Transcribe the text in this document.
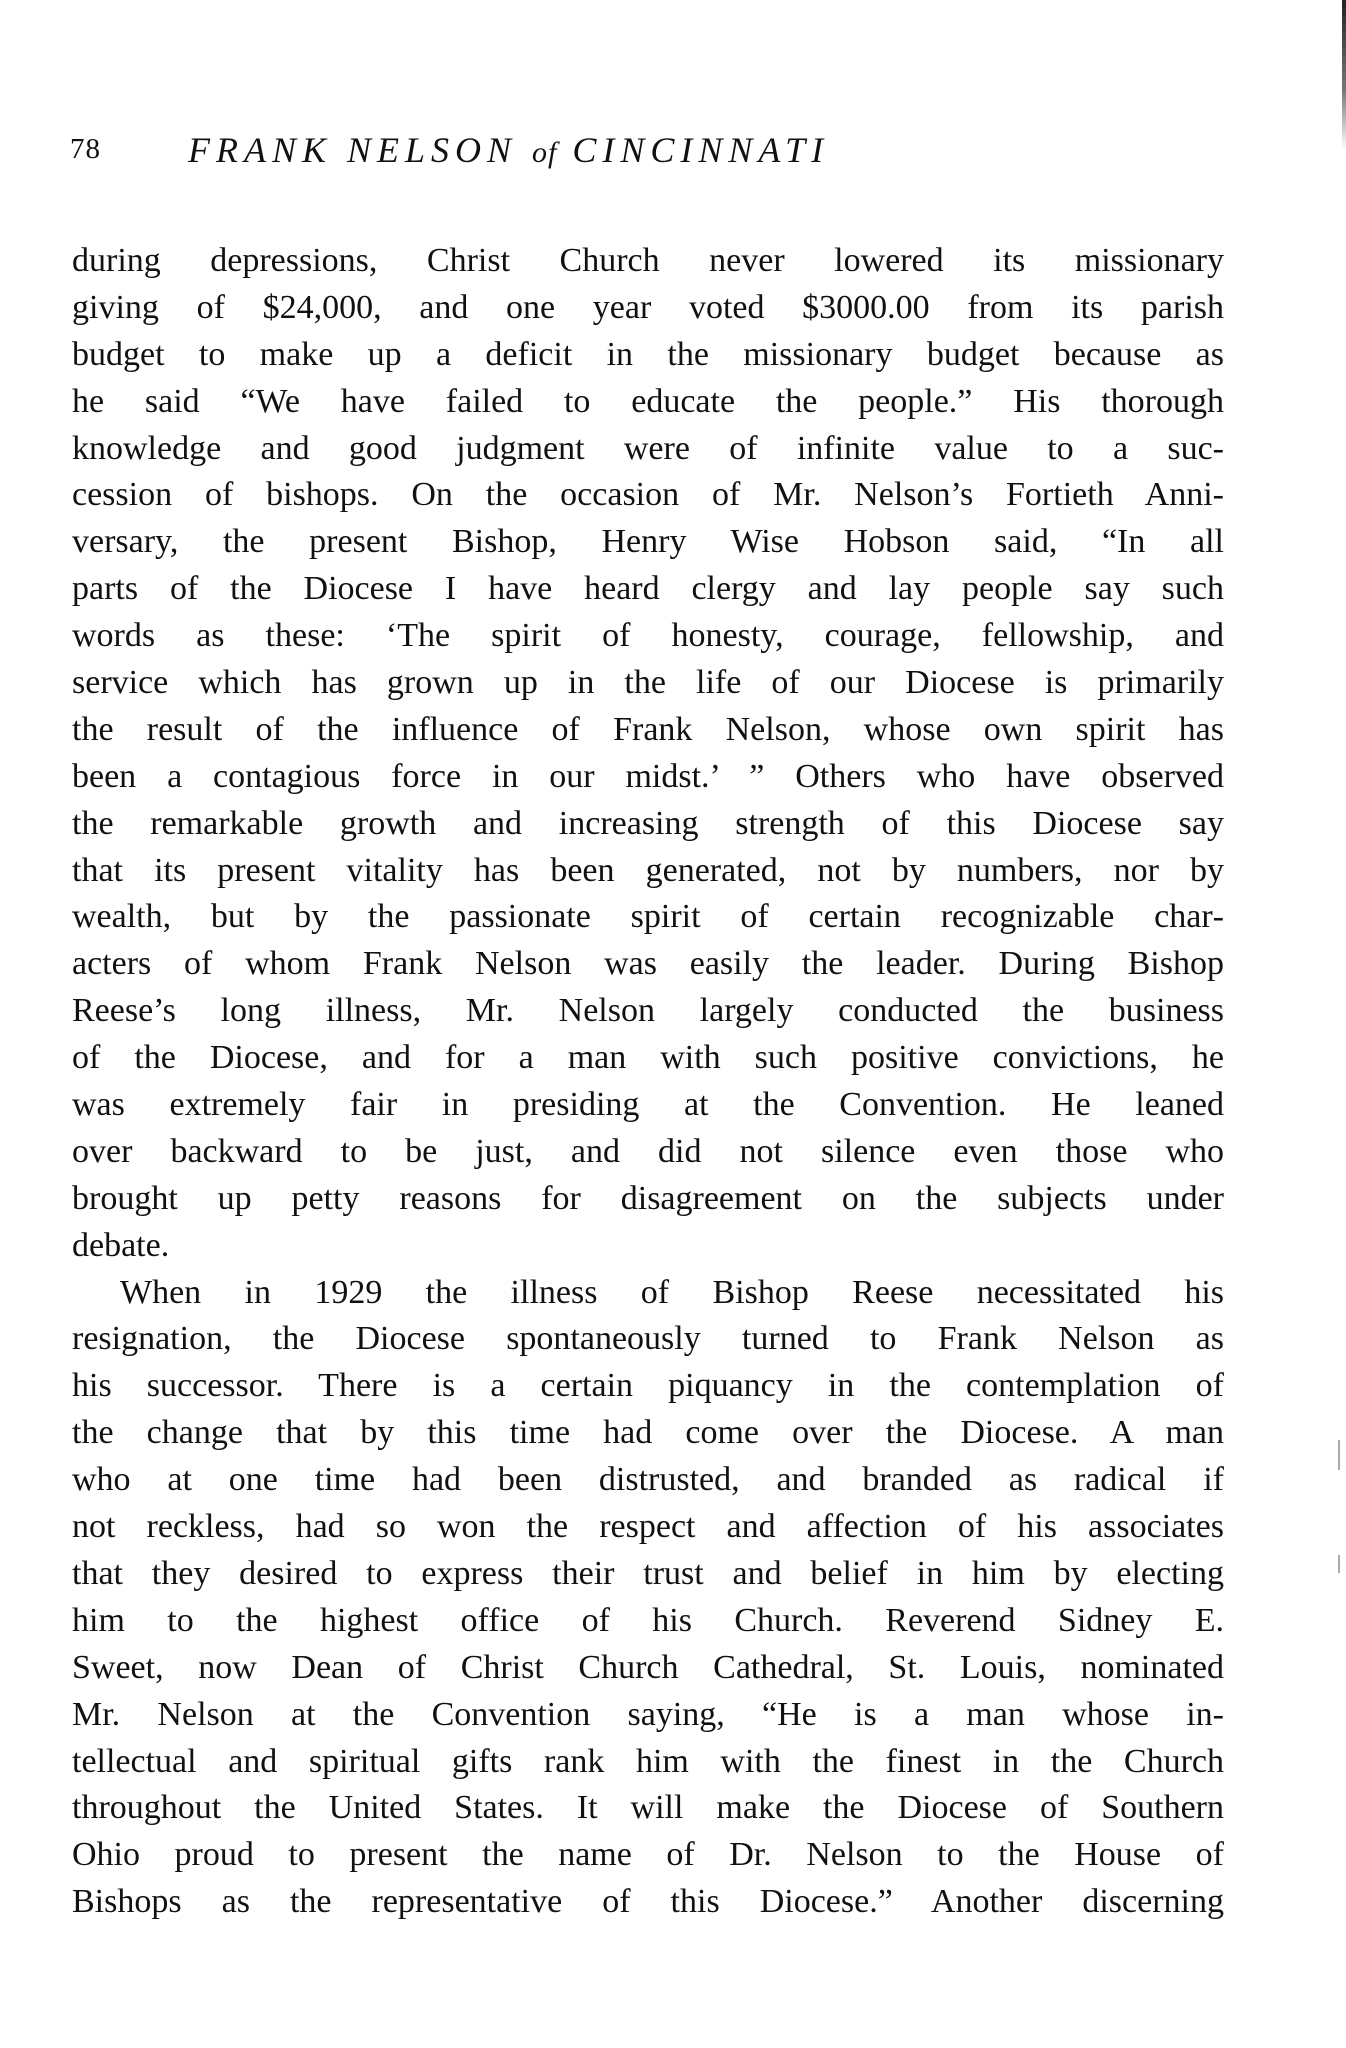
78 FRAΝK ΝELSOΝ of CIΝCIΝΝATI
during depressions, Christ Church never lowered its missionary
giving of $24,000, and one year voted $3000.00 from its parish
budget to make up a deficit in the missionary budget because as
he said “We have failed to educate the people.” His thorough
knowledge and good judgment were of infinite value to a suc‐
cession of bishops. On the occasion of Mr. Nelson’s Fortieth Anni‐
versary, the present Bishop, Henry Wise Hobson said, “In all
parts of the Diocese I have heard clergy and lay people say such
words as these: ‘The spirit of honesty, courage, fellowship, and
service which has grown up in the life of our Diocese is primarily
the result of the influence of Frank Nelson, whose own spirit has
been a contagious force in our midst.’ ” Others who have observed
the remarkable growth and increasing strength of this Diocese say
that its present vitality has been generated, not by numbers, nor by
wealth, but by the passionate spirit of certain recognizable char‐
acters of whom Frank Nelson was easily the leader. During Bishop
Reese’s long illness, Mr. Nelson largely conducted the business
of the Diocese, and for a man with such positive convictions, he
was extremely fair in presiding at the Convention. He leaned
over backward to be just, and did not silence even those who
brought up petty reasons for disagreement on the subjects under
debate.
When in 1929 the illness of Bishop Reese necessitated his
resignation, the Diocese spontaneously turned to Frank Nelson as
his successor. There is a certain piquancy in the contemplation of
the change that by this time had come over the Diocese. A man
who at one time had been distrusted, and branded as radical if
not reckless, had so won the respect and affection of his associates
that they desired to express their trust and belief in him by electing
him to the highest office of his Church. Reverend Sidney E.
Sweet, now Dean of Christ Church Cathedral, St. Louis, nominated
Mr. Nelson at the Convention saying, “He is a man whose in‐
tellectual and spiritual gifts rank him with the finest in the Church
throughout the United States. It will make the Diocese of Southern
Ohio proud to present the name of Dr. Nelson to the House of
Bishops as the representative of this Diocese.” Another discerning
